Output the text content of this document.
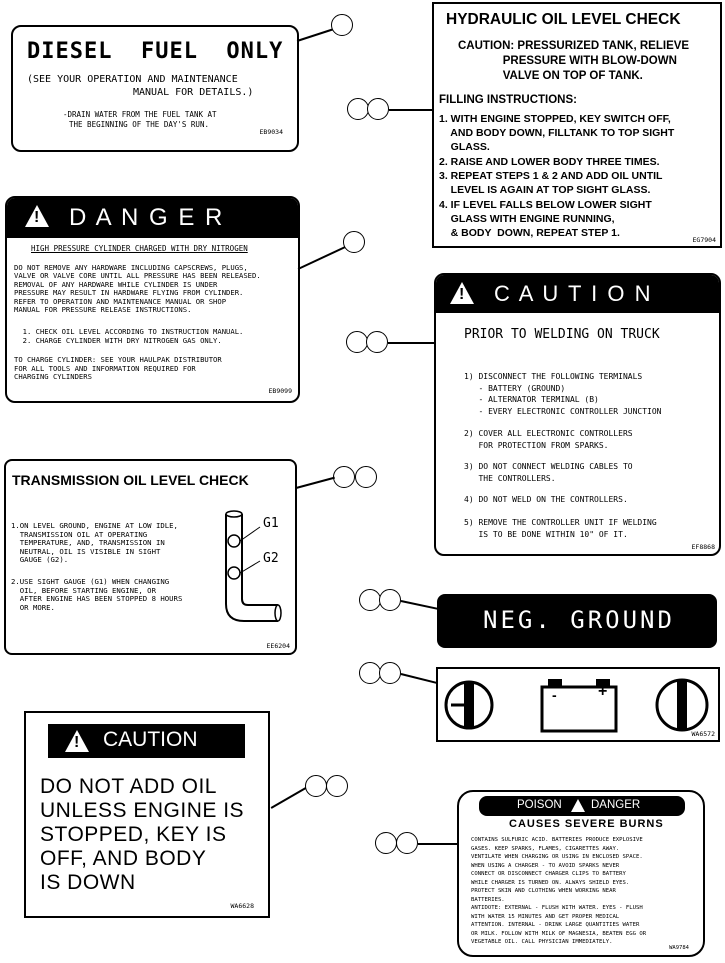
DIESEL  FUEL  ONLY
(SEE YOUR OPERATION AND MAINTENANCE
MANUAL FOR DETAILS.)
-DRAIN WATER FROM THE FUEL TANK AT
THE BEGINNING OF THE DAY'S RUN.
EB9034
HYDRAULIC OIL LEVEL CHECK
CAUTION: PRESSURIZED TANK, RELIEVE
PRESSURE WITH BLOW-DOWN
VALVE ON TOP OF TANK.
FILLING INSTRUCTIONS:
1. WITH ENGINE STOPPED, KEY SWITCH OFF,
AND BODY DOWN, FILLTANK TO TOP SIGHT
GLASS.
2. RAISE AND LOWER BODY THREE TIMES.
3. REPEAT STEPS 1 & 2 AND ADD OIL UNTIL
LEVEL IS AGAIN AT TOP SIGHT GLASS.
4. IF LEVEL FALLS BELOW LOWER SIGHT
GLASS WITH ENGINE RUNNING,
& BODY  DOWN, REPEAT STEP 1.
EG7904
!
D A N G E R
HIGH PRESSURE CYLINDER CHARGED WITH DRY NITROGEN
DO NOT REMOVE ANY HARDWARE INCLUDING CAPSCREWS, PLUGS,
VALVE OR VALVE CORE UNTIL ALL PRESSURE HAS BEEN RELEASED.
REMOVAL OF ANY HARDWARE WHILE CYLINDER IS UNDER
PRESSURE MAY RESULT IN HARDWARE FLYING FROM CYLINDER.
REFER TO OPERATION AND MAINTENANCE MANUAL OR SHOP
MANUAL FOR PRESSURE RELEASE INSTRUCTIONS.
1. CHECK OIL LEVEL ACCORDING TO INSTRUCTION MANUAL.
2. CHARGE CYLINDER WITH DRY NITROGEN GAS ONLY.
TO CHARGE CYLINDER: SEE YOUR HAULPAK DISTRIBUTOR
FOR ALL TOOLS AND INFORMATION REQUIRED FOR
CHARGING CYLINDERS
EB9099
!
C A U T I O N
PRIOR TO WELDING ON TRUCK
1) DISCONNECT THE FOLLOWING TERMINALS
- BATTERY (GROUND)
- ALTERNATOR TERMINAL (B)
- EVERY ELECTRONIC CONTROLLER JUNCTION
2) COVER ALL ELECTRONIC CONTROLLERS
FOR PROTECTION FROM SPARKS.
3) DO NOT CONNECT WELDING CABLES TO
THE CONTROLLERS.
4) DO NOT WELD ON THE CONTROLLERS.
5) REMOVE THE CONTROLLER UNIT IF WELDING
IS TO BE DONE WITHIN 10" OF IT.
EF8868
TRANSMISSION OIL LEVEL CHECK
1.ON LEVEL GROUND, ENGINE AT LOW IDLE,
TRANSMISSION OIL AT OPERATING
TEMPERATURE, AND, TRANSMISSION IN
NEUTRAL, OIL IS VISIBLE IN SIGHT
GAUGE (G2).
2.USE SIGHT GAUGE (G1) WHEN CHANGING
OIL, BEFORE STARTING ENGINE, OR
AFTER ENGINE HAS BEEN STOPPED 8 HOURS
OR MORE.
G1
G2
EE6204
NEG. GROUND
-	+
WA6572
!
CAUTION
DO NOT ADD OIL
UNLESS ENGINE IS
STOPPED, KEY IS
OFF, AND BODY
IS DOWN
WA6628
POISON	DANGER
CAUSES SEVERE BURNS
CONTAINS SULFURIC ACID. BATTERIES PRODUCE EXPLOSIVE
GASES. KEEP SPARKS, FLAMES, CIGARETTES AWAY.
VENTILATE WHEN CHARGING OR USING IN ENCLOSED SPACE.
WHEN USING A CHARGER - TO AVOID SPARKS NEVER
CONNECT OR DISCONNECT CHARGER CLIPS TO BATTERY
WHILE CHARGER IS TURNED ON. ALWAYS SHIELD EYES.
PROTECT SKIN AND CLOTHING WHEN WORKING NEAR
BATTERIES.
ANTIDOTE: EXTERNAL - FLUSH WITH WATER. EYES - FLUSH
WITH WATER 15 MINUTES AND GET PROPER MEDICAL
ATTENTION. INTERNAL - DRINK LARGE QUANTITIES WATER
OR MILK. FOLLOW WITH MILK OF MAGNESIA, BEATEN EGG OR
VEGETABLE OIL. CALL PHYSICIAN IMMEDIATELY.
WA9784
